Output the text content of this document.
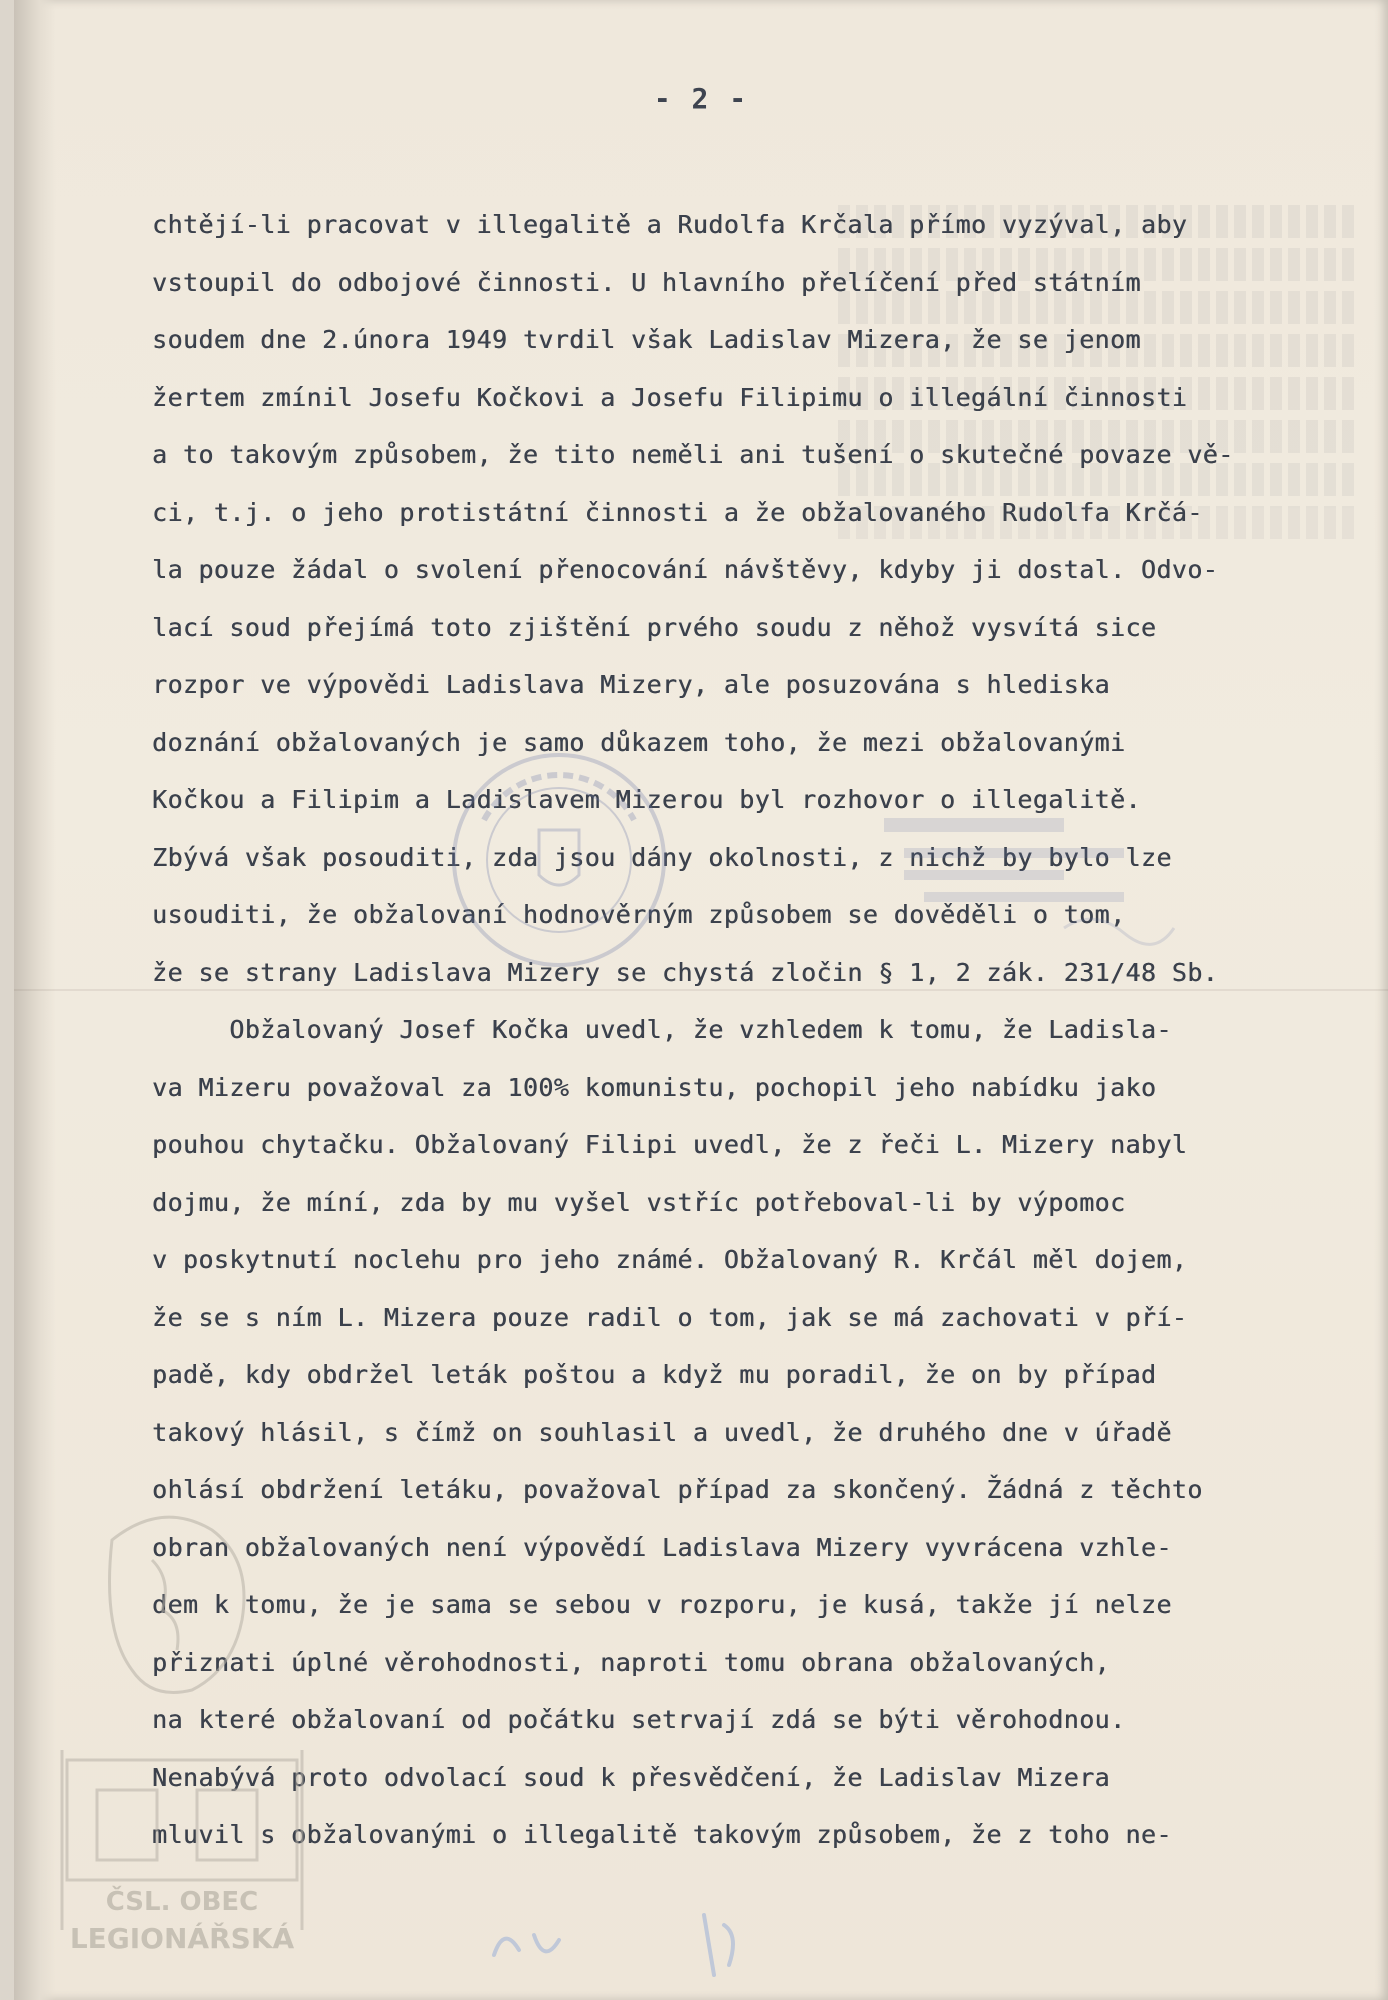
- 2 -
chtějí-li pracovat v illegalitě a Rudolfa Krčala přímo vyzýval, aby
vstoupil do odbojové činnosti. U hlavního přelíčení před státním
soudem dne 2.února 1949 tvrdil však Ladislav Mizera, že se jenom
žertem zmínil Josefu Kočkovi a Josefu Filipimu o illegální činnosti
a to takovým způsobem, že tito neměli ani tušení o skutečné povaze vě-
ci, t.j. o jeho protistátní činnosti a že obžalovaného Rudolfa Krčá-
la pouze žádal o svolení přenocování návštěvy, kdyby ji dostal. Odvo-
lací soud přejímá toto zjištění prvého soudu z něhož vysvítá sice
rozpor ve výpovědi Ladislava Mizery, ale posuzována s hlediska
doznání obžalovaných je samo důkazem toho, že mezi obžalovanými
Kočkou a Filipim a Ladislavem Mizerou byl rozhovor o illegalitě.
Zbývá však posouditi, zda jsou dány okolnosti, z nichž by bylo lze
usouditi, že obžalovaní hodnověrným způsobem se dověděli o tom,
že se strany Ladislava Mizery se chystá zločin § 1, 2 zák. 231/48 Sb.
Obžalovaný Josef Kočka uvedl, že vzhledem k tomu, že Ladisla-
va Mizeru považoval za 100% komunistu, pochopil jeho nabídku jako
pouhou chytačku. Obžalovaný Filipi uvedl, že z řeči L. Mizery nabyl
dojmu, že míní, zda by mu vyšel vstříc potřeboval-li by výpomoc
v poskytnutí noclehu pro jeho známé. Obžalovaný R. Krčál měl dojem,
že se s ním L. Mizera pouze radil o tom, jak se má zachovati v pří-
padě, kdy obdržel leták poštou a když mu poradil, že on by případ
takový hlásil, s čímž on souhlasil a uvedl, že druhého dne v úřadě
ohlásí obdržení letáku, považoval případ za skončený. Žádná z těchto
obran obžalovaných není výpovědí Ladislava Mizery vyvrácena vzhle-
dem k tomu, že je sama se sebou v rozporu, je kusá, takže jí nelze
přiznati úplné věrohodnosti, naproti tomu obrana obžalovaných,
na které obžalovaní od počátku setrvají zdá se býti věrohodnou.
Nenabývá proto odvolací soud k přesvědčení, že Ladislav Mizera
mluvil s obžalovanými o illegalitě takovým způsobem, že z toho ne-
ČSL. OBEC
LEGIONÁŘSKÁ
